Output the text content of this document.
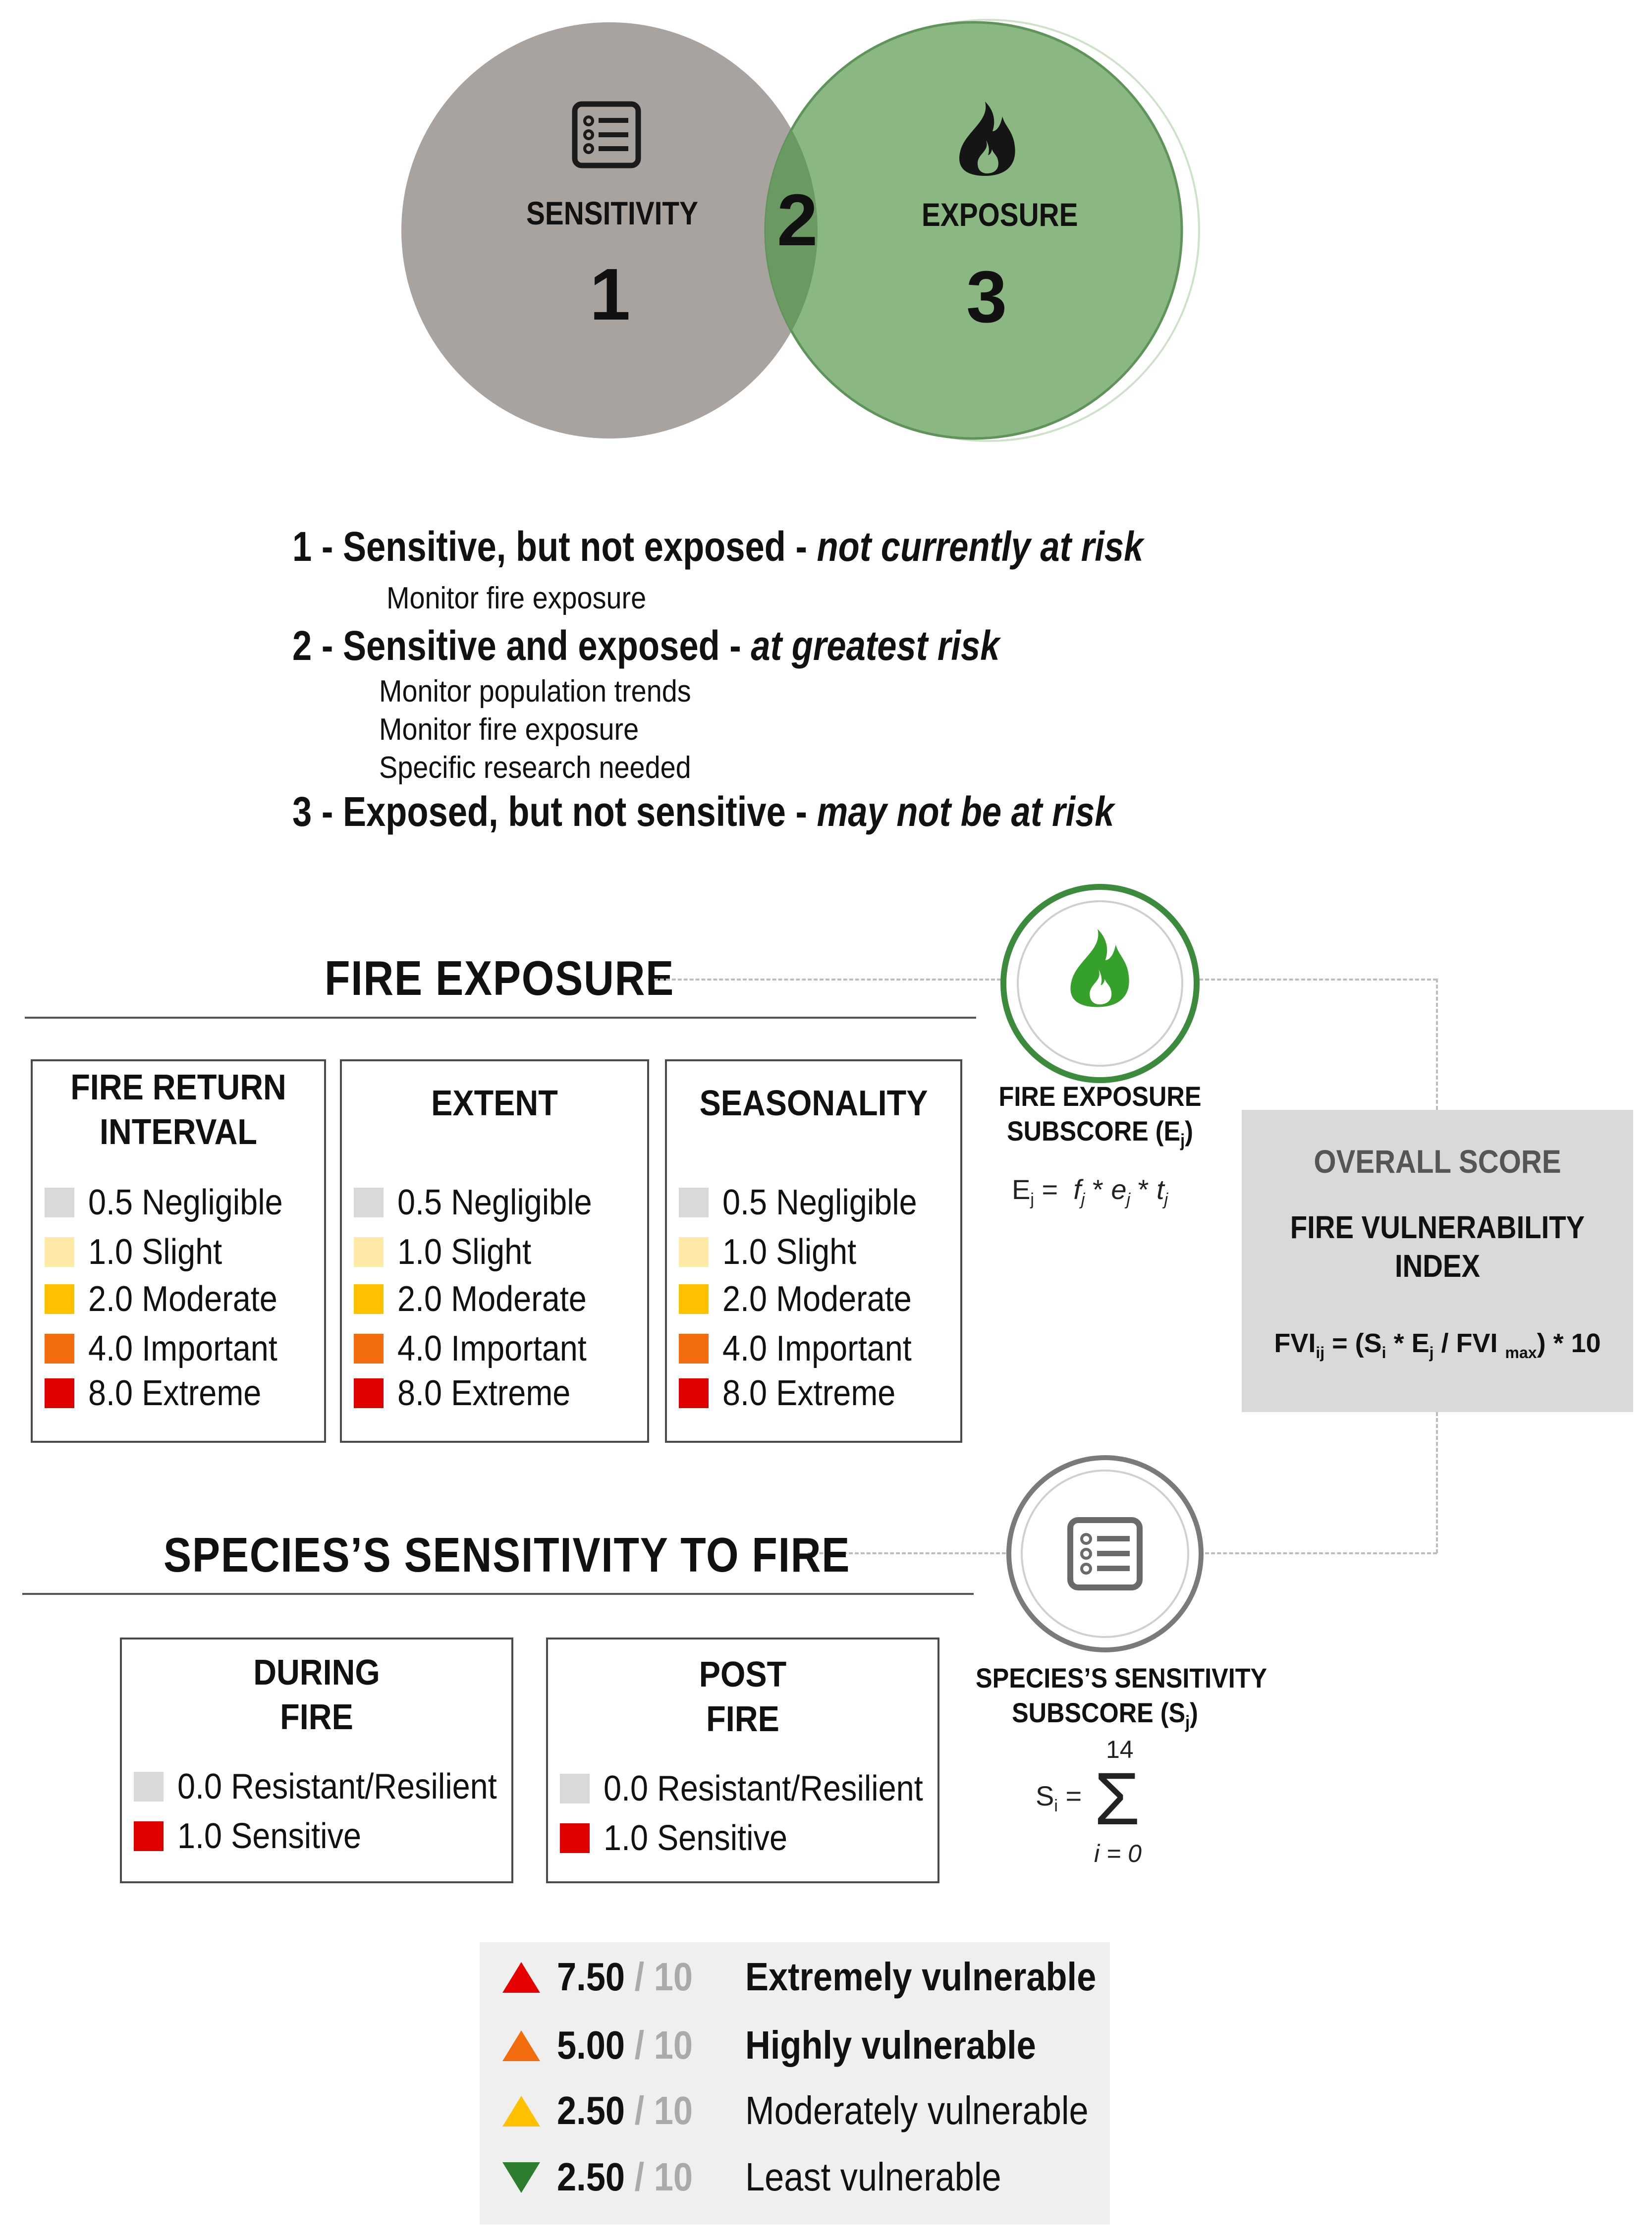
SENSITIVITY
1
2	EXPOSURE
3
1 - Sensitive, but not exposed - not currently at risk
Monitor fire exposure
2 - Sensitive and exposed - at greatest risk
Monitor population trends
Monitor fire exposure
Specific research needed
3 - Exposed, but not sensitive - may not be at risk
FIRE EXPOSURE
FIRE RETURN
INTERVAL
0.5 Negligible
1.0 Slight
2.0 Moderate
4.0 Important
8.0 Extreme
EXTENT
0.5 Negligible
1.0 Slight
2.0 Moderate
4.0 Important
8.0 Extreme
SEASONALITY
0.5 Negligible
1.0 Slight
2.0 Moderate
4.0 Important
8.0 Extreme
FIRE EXPOSURE
SUBSCORE $(E_j)$
$E_j = f_j * e_j * t_j$
OVERALL SCORE
FIRE VULNERABILITY
INDEX
$FVI_{ij} = (S_i * E_j$ / FVI $_{max}$) * 10
SPECIES’S SENSITIVITY TO FIRE
DURING
FIRE
0.0 Resistant/Resilient
1.0 Sensitive
POST
FIRE
0.0 Resistant/Resilient
1.0 Sensitive
SPECIES’S SENSITIVITY
SUBSCORE $(S_j)$
14
$S_i = \Sigma$
i = 0
7.50 / 10 Extremely vulnerable
5.00 / 10 Highly vulnerable
2.50 / 10 Moderately vulnerable
2.50 / 10 Least vulnerable
